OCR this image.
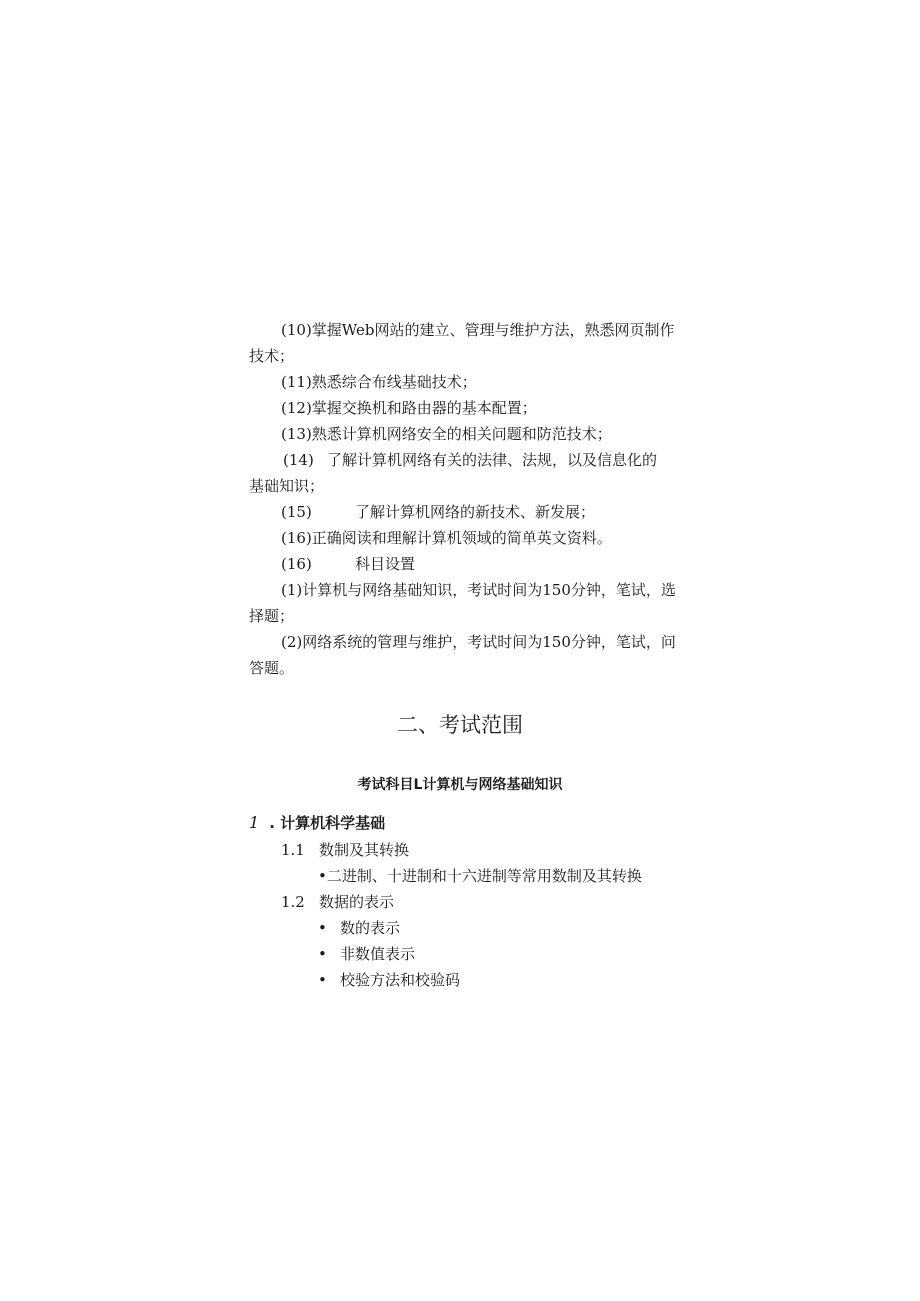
(10)掌握Web网站的建立、管理与维护方法，熟悉网页制作
技术；
(11)熟悉综合布线基础技术；
(12)掌握交换机和路由器的基本配置；
(13)熟悉计算机网络安全的相关问题和防范技术；
(14) 了解计算机网络有关的法律、法规，以及信息化的
基础知识；
(15)	了解计算机网络的新技术、新发展；
(16)正确阅读和理解计算机领域的简单英文资料。
(16)	科目设置
(1)计算机与网络基础知识，考试时间为150分钟，笔试，选
择题；
(2)网络系统的管理与维护，考试时间为150分钟，笔试，问
答题。
二、考试范围
考试科目L计算机与网络基础知识
1 . 计算机科学基础
1.1 数制及其转换
•二进制、十进制和十六进制等常用数制及其转换
1.2 数据的表示
• 数的表示
• 非数值表示
• 校验方法和校验码
